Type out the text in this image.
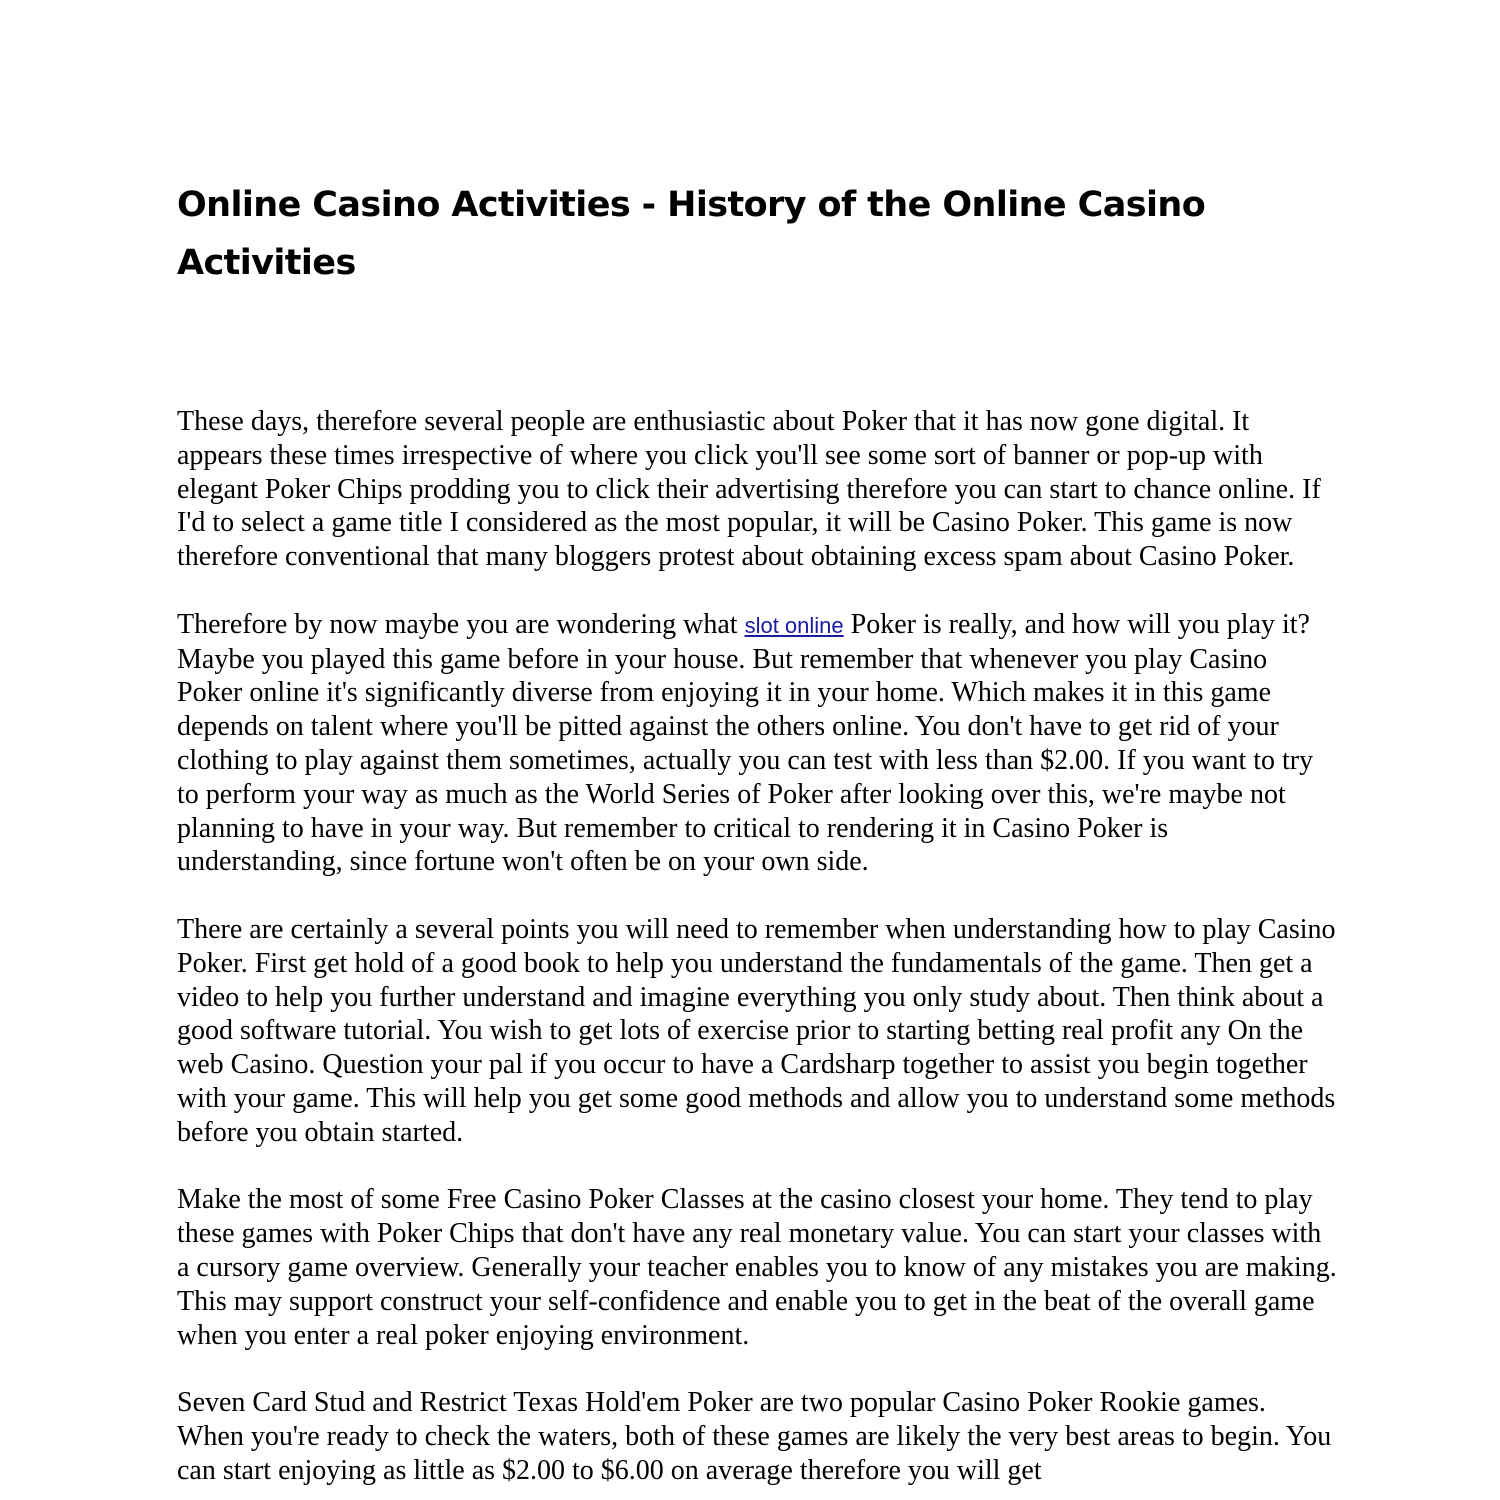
Online Casino Activities - History of the Online Casino Activities

These days, therefore several people are enthusiastic about Poker that it has now gone digital. It appears these times irrespective of where you click you'll see some sort of banner or pop-up with elegant Poker Chips prodding you to click their advertising therefore you can start to chance online. If I'd to select a game title I considered as the most popular, it will be Casino Poker. This game is now therefore conventional that many bloggers protest about obtaining excess spam about Casino Poker.

Therefore by now maybe you are wondering what slot online Poker is really, and how will you play it? Maybe you played this game before in your house. But remember that whenever you play Casino Poker online it's significantly diverse from enjoying it in your home. Which makes it in this game depends on talent where you'll be pitted against the others online. You don't have to get rid of your clothing to play against them sometimes, actually you can test with less than $2.00. If you want to try to perform your way as much as the World Series of Poker after looking over this, we're maybe not planning to have in your way. But remember to critical to rendering it in Casino Poker is understanding, since fortune won't often be on your own side.

There are certainly a several points you will need to remember when understanding how to play Casino Poker. First get hold of a good book to help you understand the fundamentals of the game. Then get a video to help you further understand and imagine everything you only study about. Then think about a good software tutorial. You wish to get lots of exercise prior to starting betting real profit any On the web Casino. Question your pal if you occur to have a Cardsharp together to assist you begin together with your game. This will help you get some good methods and allow you to understand some methods before you obtain started.

Make the most of some Free Casino Poker Classes at the casino closest your home. They tend to play these games with Poker Chips that don't have any real monetary value. You can start your classes with a cursory game overview. Generally your teacher enables you to know of any mistakes you are making. This may support construct your self-confidence and enable you to get in the beat of the overall game when you enter a real poker enjoying environment.

Seven Card Stud and Restrict Texas Hold'em Poker are two popular Casino Poker Rookie games. When you're ready to check the waters, both of these games are likely the very best areas to begin. You can start enjoying as little as $2.00 to $6.00 on average therefore you will get
